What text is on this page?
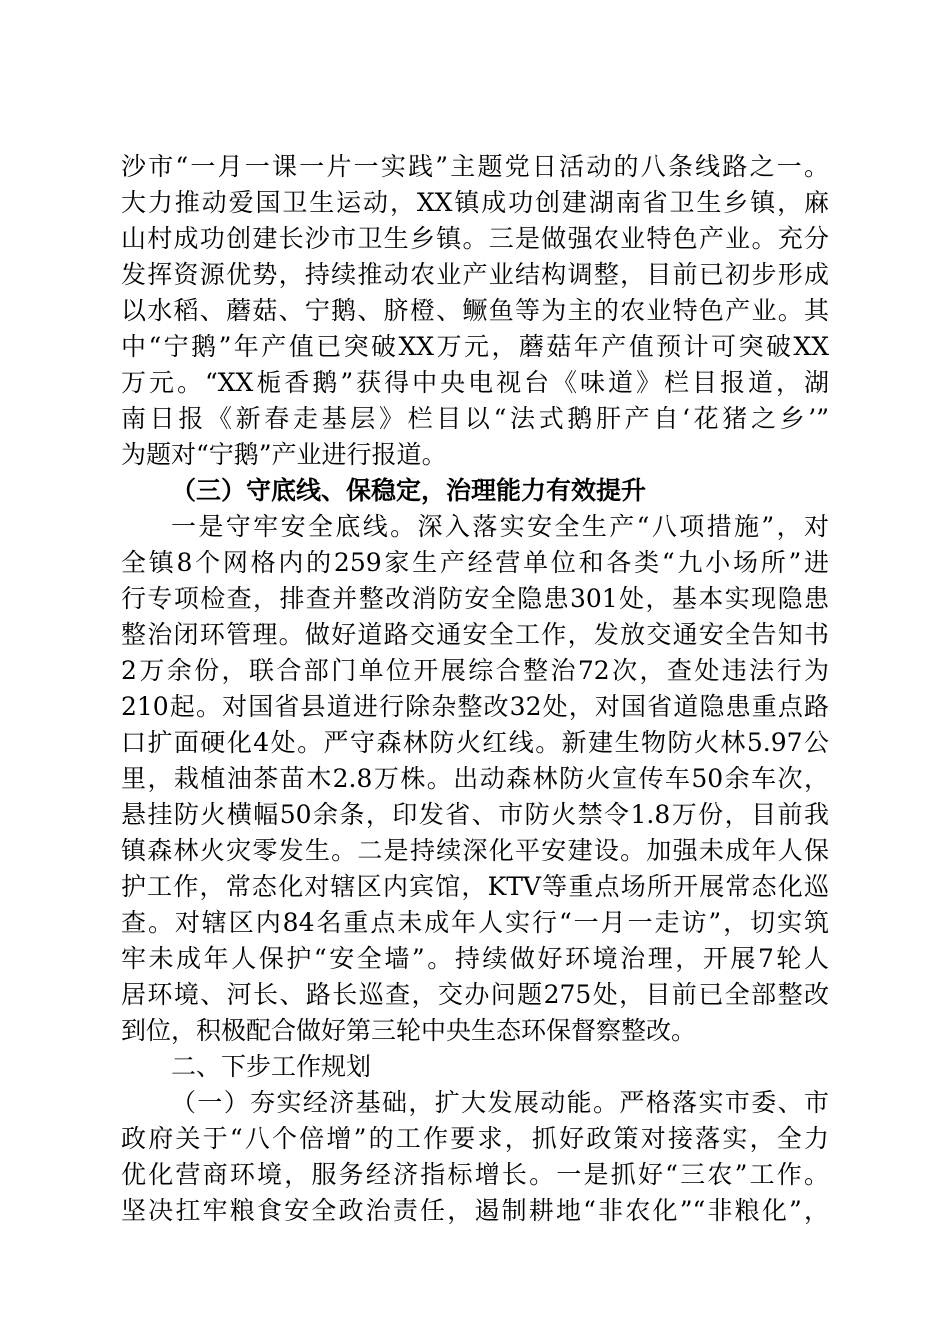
沙市“一月一课一片一实践”主题党日活动的八条线路之一。
大力推动爱国卫生运动，XX镇成功创建湖南省卫生乡镇，麻
山村成功创建长沙市卫生乡镇。三是做强农业特色产业。充分
发挥资源优势，持续推动农业产业结构调整，目前已初步形成
以水稻、蘑菇、宁鹅、脐橙、鳜鱼等为主的农业特色产业。其
中“宁鹅”年产值已突破XX万元，蘑菇年产值预计可突破XX
万元。“XX栀香鹅”获得中央电视台《味道》栏目报道，湖
南日报《新春走基层》栏目以“法式鹅肝产自‘花猪之乡’”
为题对“宁鹅”产业进行报道。
（三）守底线、保稳定，治理能力有效提升
一是守牢安全底线。深入落实安全生产“八项措施”，对
全镇8个网格内的259家生产经营单位和各类“九小场所”进
行专项检查，排查并整改消防安全隐患301处，基本实现隐患
整治闭环管理。做好道路交通安全工作，发放交通安全告知书
2万余份，联合部门单位开展综合整治72次，查处违法行为
210起。对国省县道进行除杂整改32处，对国省道隐患重点路
口扩面硬化4处。严守森林防火红线。新建生物防火林5.97公
里，栽植油茶苗木2.8万株。出动森林防火宣传车50余车次，
悬挂防火横幅50余条，印发省、市防火禁令1.8万份，目前我
镇森林火灾零发生。二是持续深化平安建设。加强未成年人保
护工作，常态化对辖区内宾馆，KTV等重点场所开展常态化巡
查。对辖区内84名重点未成年人实行“一月一走访”，切实筑
牢未成年人保护“安全墙”。持续做好环境治理，开展7轮人
居环境、河长、路长巡查，交办问题275处，目前已全部整改
到位，积极配合做好第三轮中央生态环保督察整改。
二、下步工作规划
（一）夯实经济基础，扩大发展动能。严格落实市委、市
政府关于“八个倍增”的工作要求，抓好政策对接落实，全力
优化营商环境，服务经济指标增长。一是抓好“三农”工作。
坚决扛牢粮食安全政治责任，遏制耕地“非农化”“非粮化”，
